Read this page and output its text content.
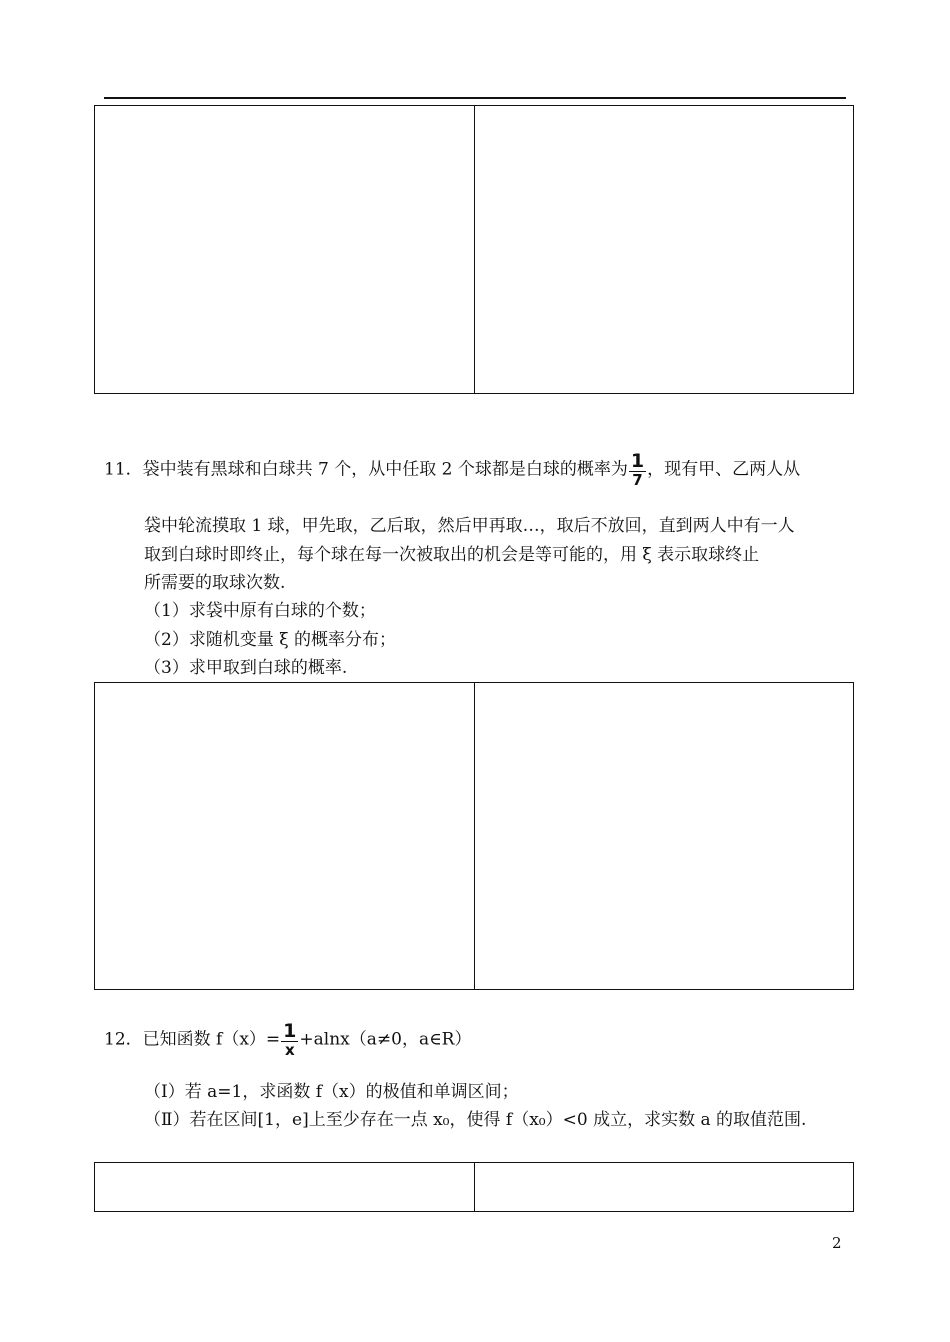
11．袋中装有黑球和白球共 7 个，从中任取 2 个球都是白球的概率为 $\frac{1}{7}$ ，现有甲、乙两人从
袋中轮流摸取 1 球，甲先取，乙后取，然后甲再取…，取后不放回，直到两人中有一人
取到白球时即终止，每个球在每一次被取出的机会是等可能的，用 ξ 表示取球终止
所需要的取球次数.
（1）求袋中原有白球的个数；
（2）求随机变量 ξ 的概率分布；
（3）求甲取到白球的概率.
12．已知函数 $f(x)= \frac{1}{x} +alnx(a\ne 0$，a∈R）
（Ⅰ）若 a=1，求函数 f（x）的极值和单调区间；
（Ⅱ）若在区间[1，e]上至少存在一点 x₀，使得 f（x₀）<0 成立，求实数 a 的取值范围.
2
